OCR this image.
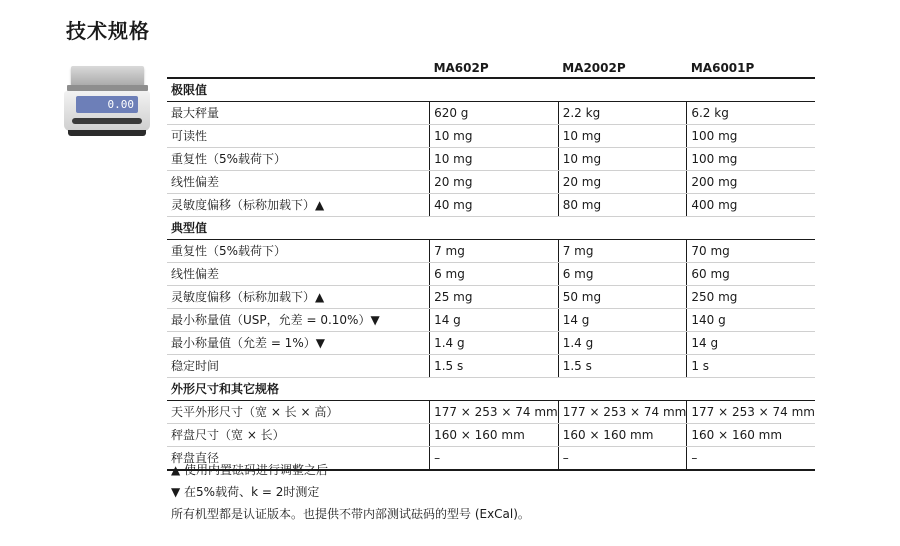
技术规格
0.00
	MA602P	MA2002P	MA6001P
极限值			
最大秤量	620 g	2.2 kg	6.2 kg
可读性	10 mg	10 mg	100 mg
重复性（5%载荷下）	10 mg	10 mg	100 mg
线性偏差	20 mg	20 mg	200 mg
灵敏度偏移（标称加载下）▲	40 mg	80 mg	400 mg
典型值			
重复性（5%载荷下）	7 mg	7 mg	70 mg
线性偏差	6 mg	6 mg	60 mg
灵敏度偏移（标称加载下）▲	25 mg	50 mg	250 mg
最小称量值（USP，允差 = 0.10%）▼	14 g	14 g	140 g
最小称量值（允差 = 1%）▼	1.4 g	1.4 g	14 g
稳定时间	1.5 s	1.5 s	1 s
外形尺寸和其它规格			
天平外形尺寸（宽 × 长 × 高）	177 × 253 × 74 mm	177 × 253 × 74 mm	177 × 253 × 74 mm
秤盘尺寸（宽 × 长）	160 × 160 mm	160 × 160 mm	160 × 160 mm
秤盘直径	–	–	–
▲ 使用内置砝码进行调整之后
▼ 在5%载荷、k = 2时测定
所有机型都是认证版本。也提供不带内部测试砝码的型号 (ExCal)。
